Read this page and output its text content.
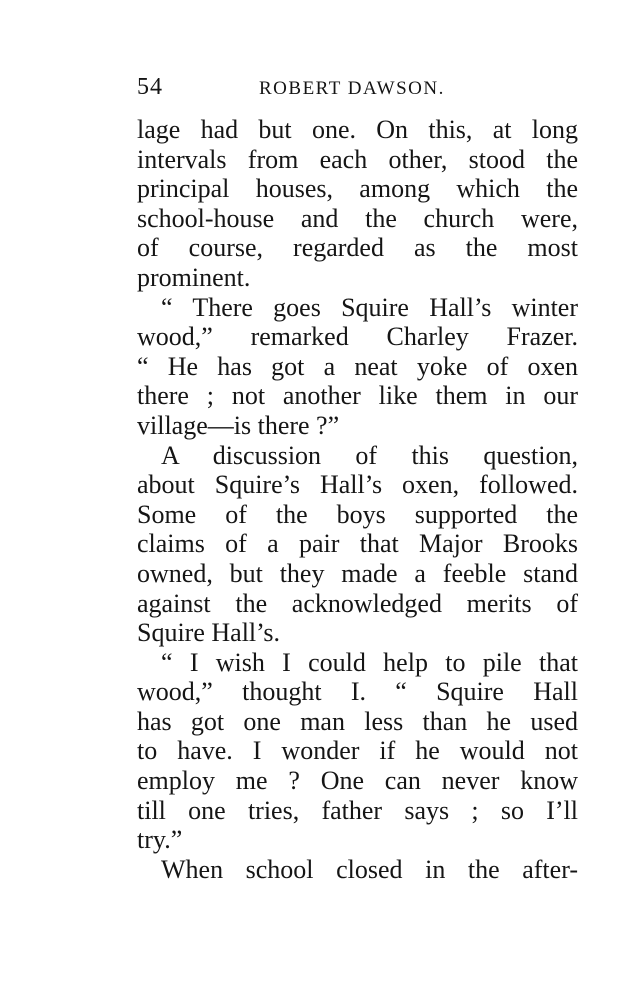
54	ROBERT DAWSON.
lage had but one. On this, at long
intervals from each other, stood the
principal houses, among which the
school-house and the church were,
of course, regarded as the most
prominent.
“ There goes Squire Hall’s winter
wood,” remarked Charley Frazer.
“ He has got a neat yoke of oxen
there ; not another like them in our
village—is there ?”
A discussion of this question,
about Squire’s Hall’s oxen, followed.
Some of the boys supported the
claims of a pair that Major Brooks
owned, but they made a feeble stand
against the acknowledged merits of
Squire Hall’s.
“ I wish I could help to pile that
wood,” thought I. “ Squire Hall
has got one man less than he used
to have. I wonder if he would not
employ me ? One can never know
till one tries, father says ; so I’ll
try.”
When school closed in the after-
